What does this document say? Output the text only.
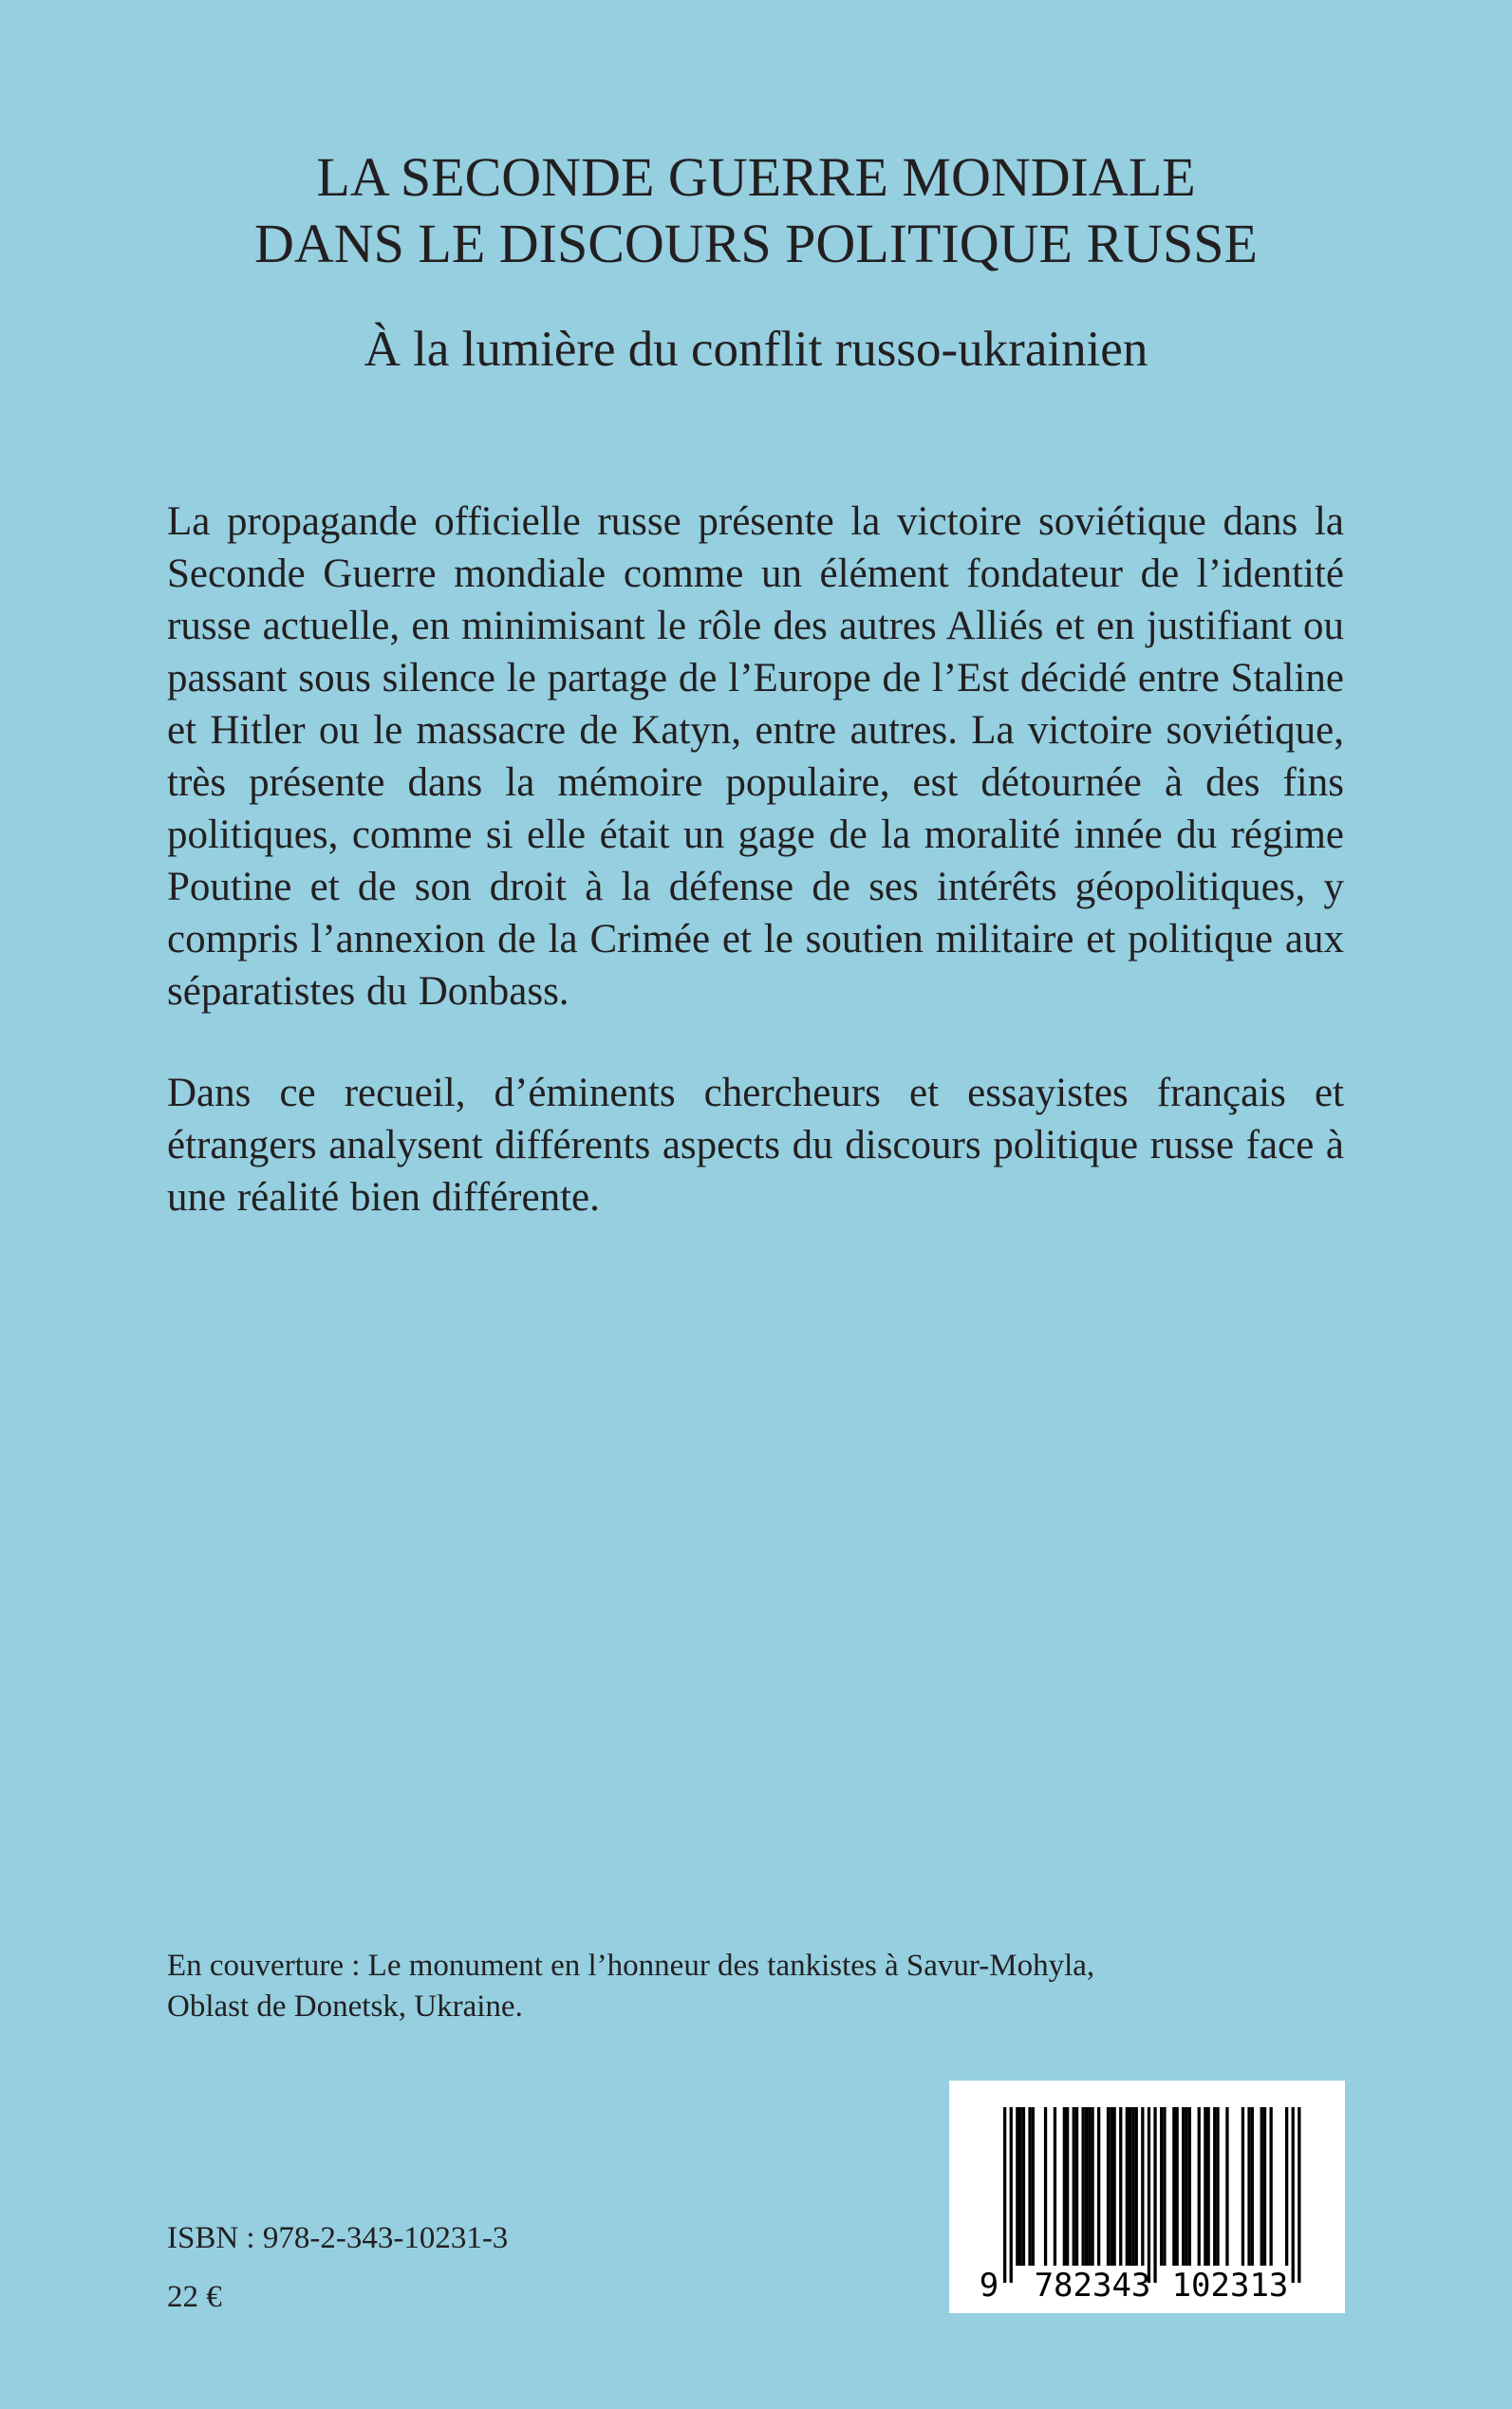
LA SECONDE GUERRE MONDIALE
DANS LE DISCOURS POLITIQUE RUSSE
À la lumière du conflit russo-ukrainien

La propagande officielle russe présente la victoire soviétique dans la Seconde Guerre mondiale comme un élément fondateur de l’identité russe actuelle, en minimisant le rôle des autres Alliés et en justifiant ou passant sous silence le partage de l’Europe de l’Est décidé entre Staline et Hitler ou le massacre de Katyn, entre autres. La victoire soviétique, très présente dans la mémoire populaire, est détournée à des fins politiques, comme si elle était un gage de la moralité innée du régime Poutine et de son droit à la défense de ses intérêts géopolitiques, y compris l’annexion de la Crimée et le soutien militaire et politique aux séparatistes du Donbass.

Dans ce recueil, d’éminents chercheurs et essayistes français et étrangers analysent différents aspects du discours politique russe face à une réalité bien différente.

En couverture : Le monument en l’honneur des tankistes à Savur-Mohyla,
Oblast de Donetsk, Ukraine.
ISBN : 978-2-343-10231-3
22 €	9 782343 102313
